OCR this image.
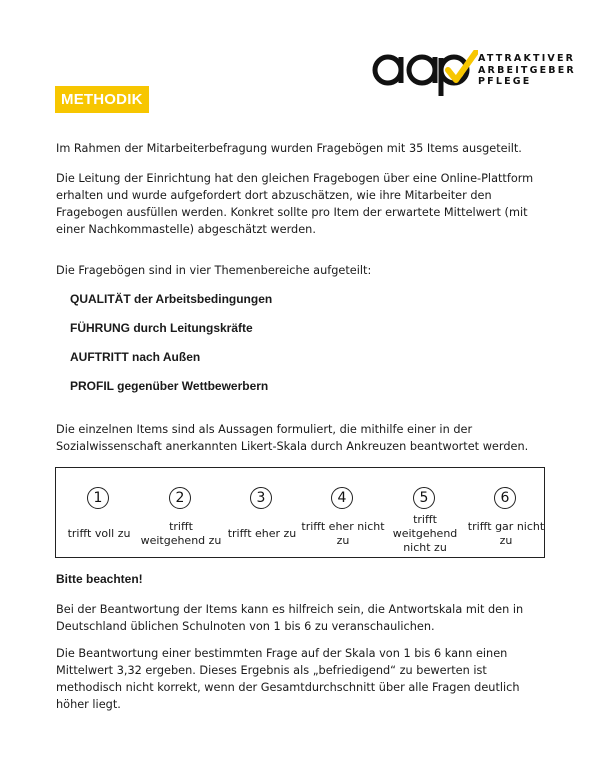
ATTRAKTIVER
ARBEITGEBER
PFLEGE
METHODIK

Im Rahmen der Mitarbeiterbefragung wurden Fragebögen mit 35 Items ausgeteilt.

Die Leitung der Einrichtung hat den gleichen Fragebogen über eine Online-Plattform erhalten und wurde aufgefordert dort abzuschätzen, wie ihre Mitarbeiter den Fragebogen ausfüllen werden. Konkret sollte pro Item der erwartete Mittelwert (mit einer Nachkommastelle) abgeschätzt werden.

Die Fragebögen sind in vier Themenbereiche aufgeteilt:

QUALITÄT der Arbeitsbedingungen

FÜHRUNG durch Leitungskräfte

AUFTRITT nach Außen

PROFIL gegenüber Wettbewerbern

Die einzelnen Items sind als Aussagen formuliert, die mithilfe einer in der Sozialwissenschaft anerkannten Likert-Skala durch Ankreuzen beantwortet werden.

1
trifft voll zu
2
trifft weitgehend zu
3
trifft eher zu
4
trifft eher nicht zu
5
trifft weitgehend nicht zu
6
trifft gar nicht zu

Bitte beachten!

Bei der Beantwortung der Items kann es hilfreich sein, die Antwortskala mit den in Deutschland üblichen Schulnoten von 1 bis 6 zu veranschaulichen.

Die Beantwortung einer bestimmten Frage auf der Skala von 1 bis 6 kann einen Mittelwert 3,32 ergeben. Dieses Ergebnis als „befriedigend“ zu bewerten ist methodisch nicht korrekt, wenn der Gesamtdurchschnitt über alle Fragen deutlich höher liegt.
